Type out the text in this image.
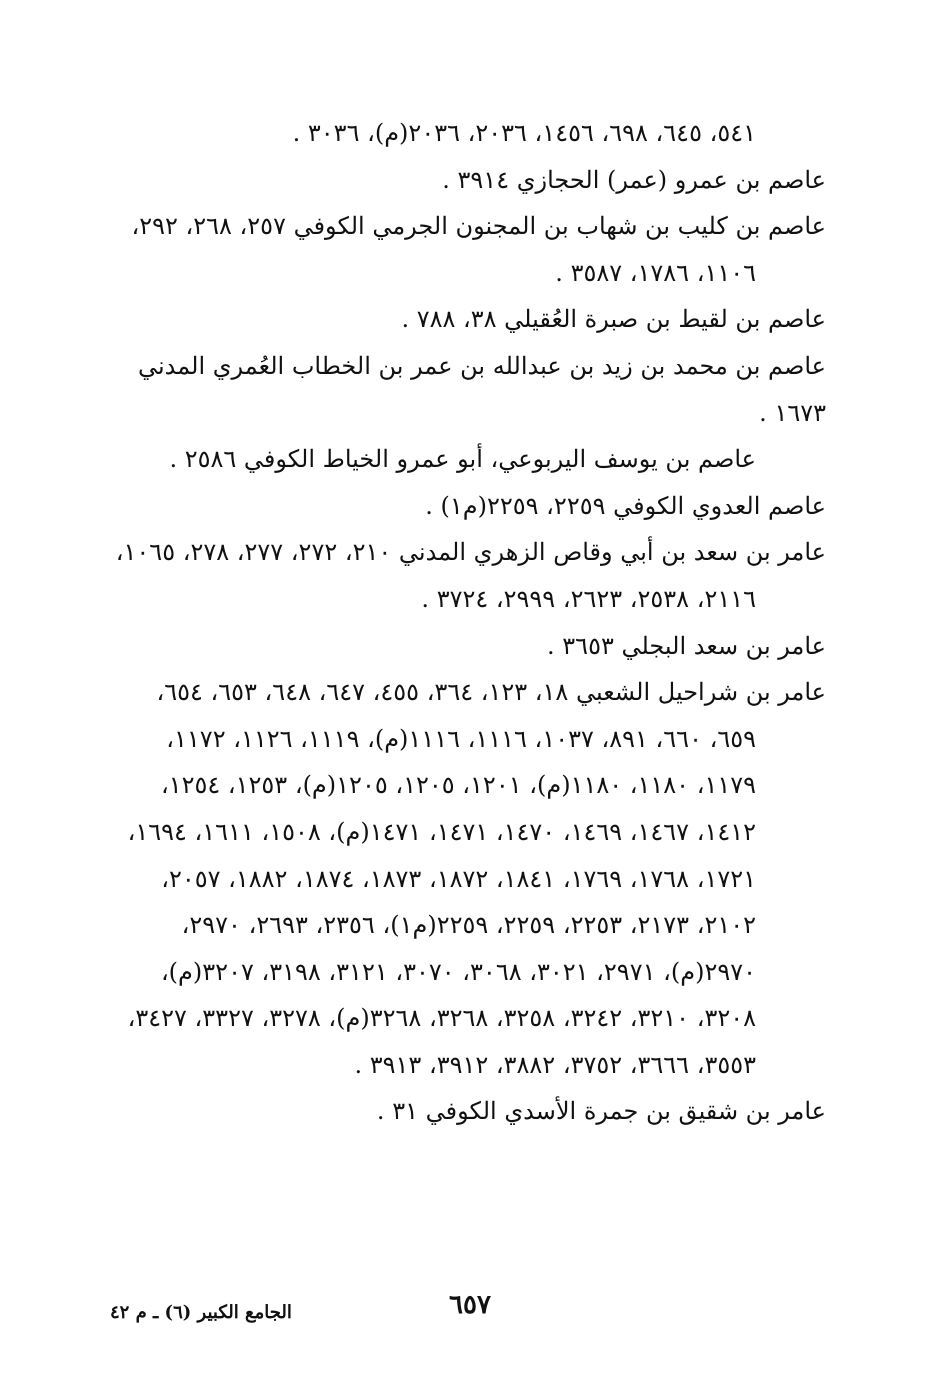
٥٤١، ٦٤٥، ٦٩٨، ١٤٥٦، ٢٠٣٦، ٢٠٣٦(م)، ٣٠٣٦ .
عاصم بن عمرو (عمر) الحجازي ٣٩١٤ .
عاصم بن كليب بن شهاب بن المجنون الجرمي الكوفي ٢٥٧، ٢٦٨، ٢٩٢، ١١٠٦، ١٧٨٦، ٣٥٨٧ .
عاصم بن لقيط بن صبرة العُقيلي ٣٨، ٧٨٨ .
عاصم بن محمد بن زيد بن عبدالله بن عمر بن الخطاب العُمري المدني ١٦٧٣ .
عاصم بن يوسف اليربوعي، أبو عمرو الخياط الكوفي ٢٥٨٦ .
عاصم العدوي الكوفي ٢٢٥٩، ٢٢٥٩(م١) .
عامر بن سعد بن أبي وقاص الزهري المدني ٢١٠، ٢٧٢، ٢٧٧، ٢٧٨، ١٠٦٥، ٢١١٦، ٢٥٣٨، ٢٦٢٣، ٢٩٩٩، ٣٧٢٤ .
عامر بن سعد البجلي ٣٦٥٣ .
عامر بن شراحيل الشعبي ١٨، ١٢٣، ٣٦٤، ٤٥٥، ٦٤٧، ٦٤٨، ٦٥٣، ٦٥٤، ٦٥٩، ٦٦٠، ٨٩١، ١٠٣٧، ١١١٦، ١١١٦(م)، ١١١٩، ١١٢٦، ١١٧٢، ١١٧٩، ١١٨٠، ١١٨٠(م)، ١٢٠١، ١٢٠٥، ١٢٠٥(م)، ١٢٥٣، ١٢٥٤، ١٤١٢، ١٤٦٧، ١٤٦٩، ١٤٧٠، ١٤٧١، ١٤٧١(م)، ١٥٠٨، ١٦١١، ١٦٩٤، ١٧٢١، ١٧٦٨، ١٧٦٩، ١٨٤١، ١٨٧٢، ١٨٧٣، ١٨٧٤، ١٨٨٢، ٢٠٥٧، ٢١٠٢، ٢١٧٣، ٢٢٥٣، ٢٢٥٩، ٢٢٥٩(م١)، ٢٣٥٦، ٢٦٩٣، ٢٩٧٠، ٢٩٧٠(م)، ٢٩٧١، ٣٠٢١، ٣٠٦٨، ٣٠٧٠، ٣١٢١، ٣١٩٨، ٣٢٠٧(م)، ٣٢٠٨، ٣٢١٠، ٣٢٤٢، ٣٢٥٨، ٣٢٦٨، ٣٢٦٨(م)، ٣٢٧٨، ٣٣٢٧، ٣٤٢٧، ٣٥٥٣، ٣٦٦٦، ٣٧٥٢، ٣٨٨٢، ٣٩١٢، ٣٩١٣ .
عامر بن شقيق بن جمرة الأسدي الكوفي ٣١ .
٦٥٧
الجامع الكبير (٦) ـ م ٤٢
